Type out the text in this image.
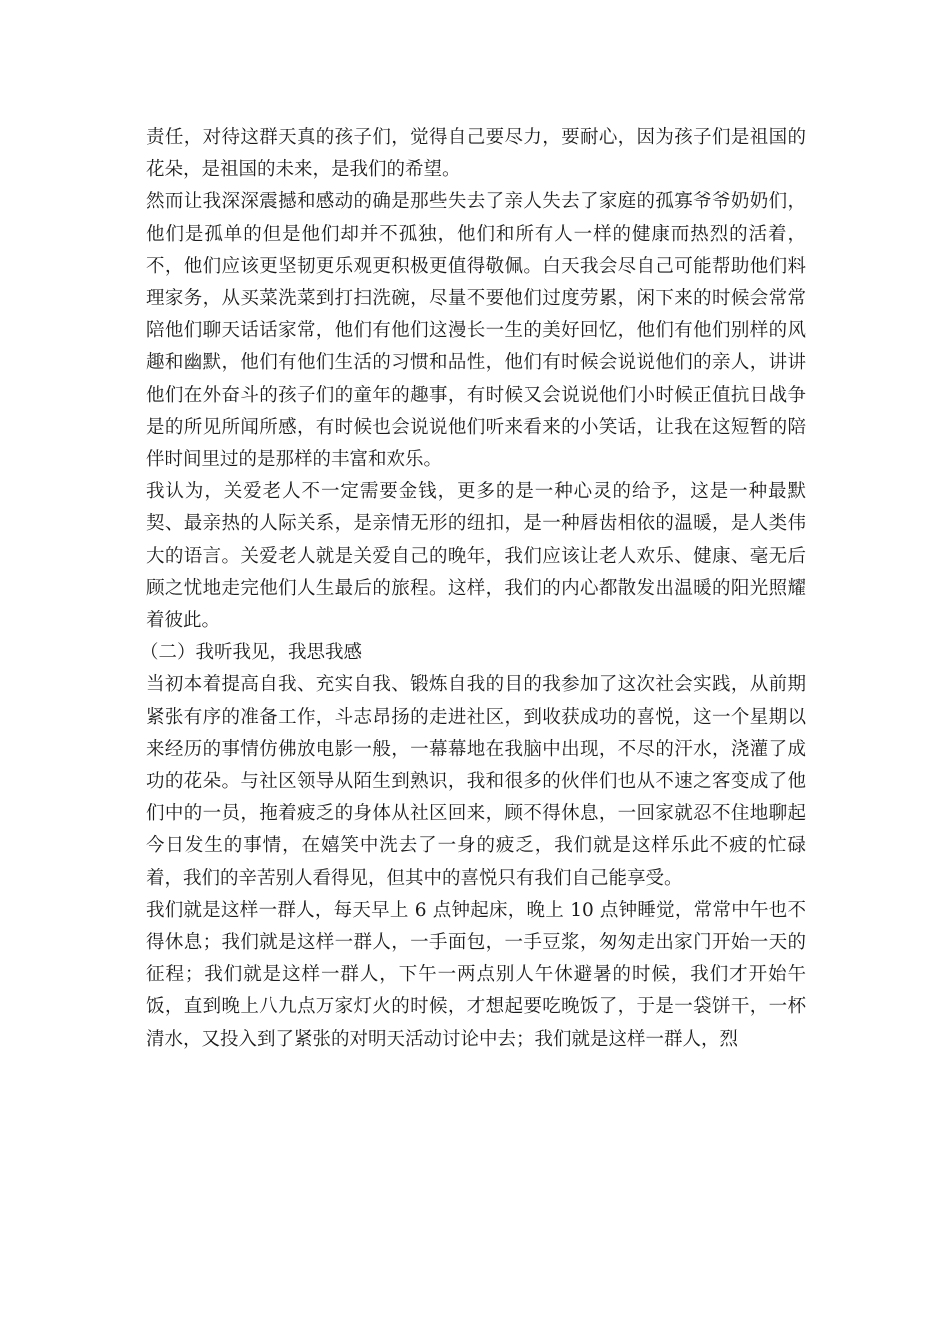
责任，对待这群天真的孩子们，觉得自己要尽力，要耐心，因为孩子们是祖国的花朵，是祖国的未来，是我们的希望。

然而让我深深震撼和感动的确是那些失去了亲人失去了家庭的孤寡爷爷奶奶们，他们是孤单的但是他们却并不孤独，他们和所有人一样的健康而热烈的活着，不，他们应该更坚韧更乐观更积极更值得敬佩。白天我会尽自己可能帮助他们料理家务，从买菜洗菜到打扫洗碗，尽量不要他们过度劳累，闲下来的时候会常常陪他们聊天话话家常，他们有他们这漫长一生的美好回忆，他们有他们别样的风趣和幽默，他们有他们生活的习惯和品性，他们有时候会说说他们的亲人，讲讲他们在外奋斗的孩子们的童年的趣事，有时候又会说说他们小时候正值抗日战争是的所见所闻所感，有时候也会说说他们听来看来的小笑话，让我在这短暂的陪伴时间里过的是那样的丰富和欢乐。

我认为，关爱老人不一定需要金钱，更多的是一种心灵的给予，这是一种最默契、最亲热的人际关系，是亲情无形的纽扣，是一种唇齿相依的温暖，是人类伟大的语言。关爱老人就是关爱自己的晚年，我们应该让老人欢乐、健康、毫无后顾之忧地走完他们人生最后的旅程。这样，我们的内心都散发出温暖的阳光照耀着彼此。

（二）我听我见，我思我感

当初本着提高自我、充实自我、锻炼自我的目的我参加了这次社会实践，从前期紧张有序的准备工作，斗志昂扬的走进社区，到收获成功的喜悦，这一个星期以来经历的事情仿佛放电影一般，一幕幕地在我脑中出现，不尽的汗水，浇灌了成功的花朵。与社区领导从陌生到熟识，我和很多的伙伴们也从不速之客变成了他们中的一员，拖着疲乏的身体从社区回来，顾不得休息，一回家就忍不住地聊起今日发生的事情，在嬉笑中洗去了一身的疲乏，我们就是这样乐此不疲的忙碌着，我们的辛苦别人看得见，但其中的喜悦只有我们自己能享受。

我们就是这样一群人，每天早上 6 点钟起床，晚上 10 点钟睡觉，常常中午也不得休息；我们就是这样一群人，一手面包，一手豆浆，匆匆走出家门开始一天的征程；我们就是这样一群人，下午一两点别人午休避暑的时候，我们才开始午饭，直到晚上八九点万家灯火的时候，才想起要吃晚饭了，于是一袋饼干，一杯清水，又投入到了紧张的对明天活动讨论中去；我们就是这样一群人，烈
